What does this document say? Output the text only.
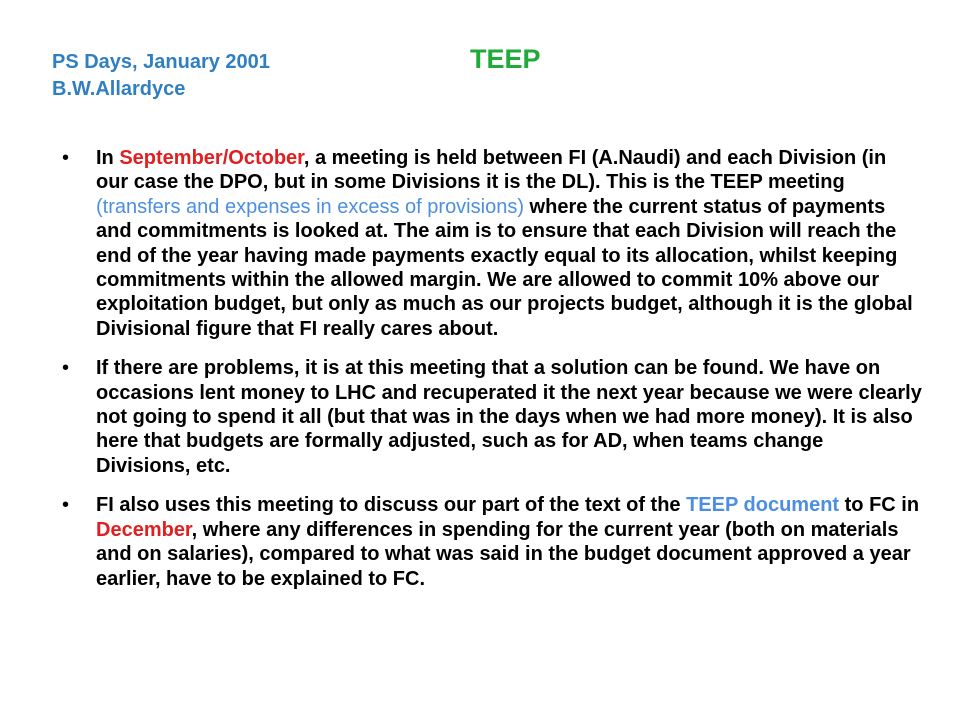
PS Days, January 2001
B.W.Allardyce
TEEP
• In September/October, a meeting is held between FI (A.Naudi) and each Division (in our case the DPO, but in some Divisions it is the DL). This is the TEEP meeting (transfers and expenses in excess of provisions) where the current status of payments and commitments is looked at. The aim is to ensure that each Division will reach the end of the year having made payments exactly equal to its allocation, whilst keeping commitments within the allowed margin. We are allowed to commit 10% above our exploitation budget, but only as much as our projects budget, although it is the global Divisional figure that FI really cares about.
• If there are problems, it is at this meeting that a solution can be found. We have on occasions lent money to LHC and recuperated it the next year because we were clearly not going to spend it all (but that was in the days when we had more money). It is also here that budgets are formally adjusted, such as for AD, when teams change Divisions, etc.
• FI also uses this meeting to discuss our part of the text of the TEEP document to FC in December, where any differences in spending for the current year (both on materials and on salaries), compared to what was said in the budget document approved a year earlier, have to be explained to FC.
